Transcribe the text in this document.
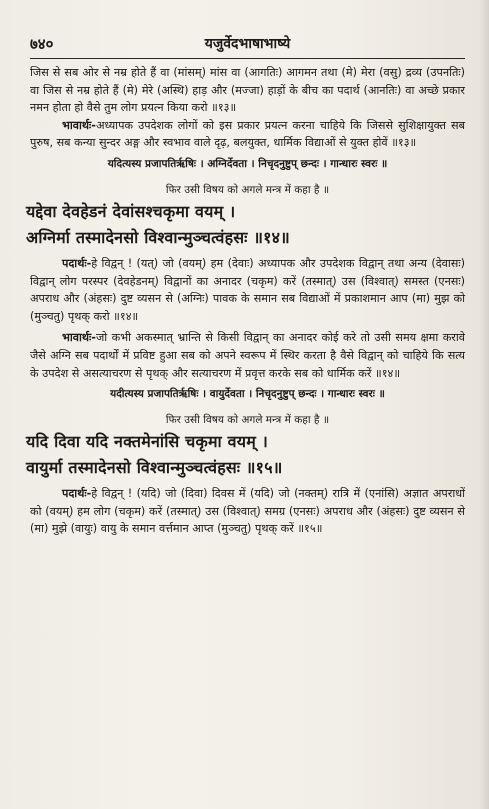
७४०	यजुर्वेदभाषाभाष्ये

जिस से सब ओर से नम्र होते हैं वा (मांसम्) मांस वा (आगतिः) आगमन तथा (मे) मेरा (वसु) द्रव्य (उपनतिः) वा जिस से नम्र होते हैं (मे) मेरे (अस्थि) हाड़ और (मज्जा) हाड़ों के बीच का पदार्थ (आनतिः) वा अच्छे प्रकार नमन होता हो वैसे तुम लोग प्रयत्न किया करो ॥१३॥

भावार्थः-अध्यापक उपदेशक लोगों को इस प्रकार प्रयत्न करना चाहिये कि जिससे सुशिक्षायुक्त सब पुरुष, सब कन्या सुन्दर अङ्ग और स्वभाव वाले दृढ़, बलयुक्त, धार्मिक विद्याओं से युक्त होवें ॥१३॥

यदित्यस्य प्रजापतिर्ऋषिः । अग्निर्देवता । निचृदनुष्टुप् छन्दः । गान्धारः स्वरः ॥
फिर उसी विषय को अगले मन्त्र में कहा है ॥
यद्देवा देवहेडनं देवांसश्चकृमा वयम् ।
अग्निर्मा तस्मादेनसो विश्वान्मुञ्चत्वंहसः ॥१४॥

पदार्थः-हे विद्वन् ! (यत्) जो (वयम्) हम (देवाः) अध्यापक और उपदेशक विद्वान् तथा अन्य (देवासः) विद्वान् लोग परस्पर (देवहेडनम्) विद्वानों का अनादर (चकृम) करें (तस्मात्) उस (विश्वात्) समस्त (एनसः) अपराध और (अंहसः) दुष्ट व्यसन से (अग्निः) पावक के समान सब विद्याओं में प्रकाशमान आप (मा) मुझ को (मुञ्चतु) पृथक् करो ॥१४॥

भावार्थः-जो कभी अकस्मात् भ्रान्ति से किसी विद्वान् का अनादर कोई करे तो उसी समय क्षमा करावे जैसे अग्नि सब पदार्थों में प्रविष्ट हुआ सब को अपने स्वरूप में स्थिर करता है वैसे विद्वान् को चाहिये कि सत्य के उपदेश से असत्याचरण से पृथक् और सत्याचरण में प्रवृत्त करके सब को धार्मिक करें ॥१४॥

यदीत्यस्य प्रजापतिर्ऋषिः । वायुर्देवता । निचृदनुष्टुप् छन्दः । गान्धारः स्वरः ॥
फिर उसी विषय को अगले मन्त्र में कहा है ॥
यदि दिवा यदि नक्तमेनांसि चकृमा वयम् ।
वायुर्मा तस्मादेनसो विश्वान्मुञ्चत्वंहसः ॥१५॥

पदार्थः-हे विद्वन् ! (यदि) जो (दिवा) दिवस में (यदि) जो (नक्तम्) रात्रि में (एनांसि) अज्ञात अपराधों को (वयम्) हम लोग (चकृम) करें (तस्मात्) उस (विश्वात्) समग्र (एनसः) अपराध और (अंहसः) दुष्ट व्यसन से (मा) मुझे (वायुः) वायु के समान वर्त्तमान आप्त (मुञ्चतु) पृथक् करें ॥१५॥
